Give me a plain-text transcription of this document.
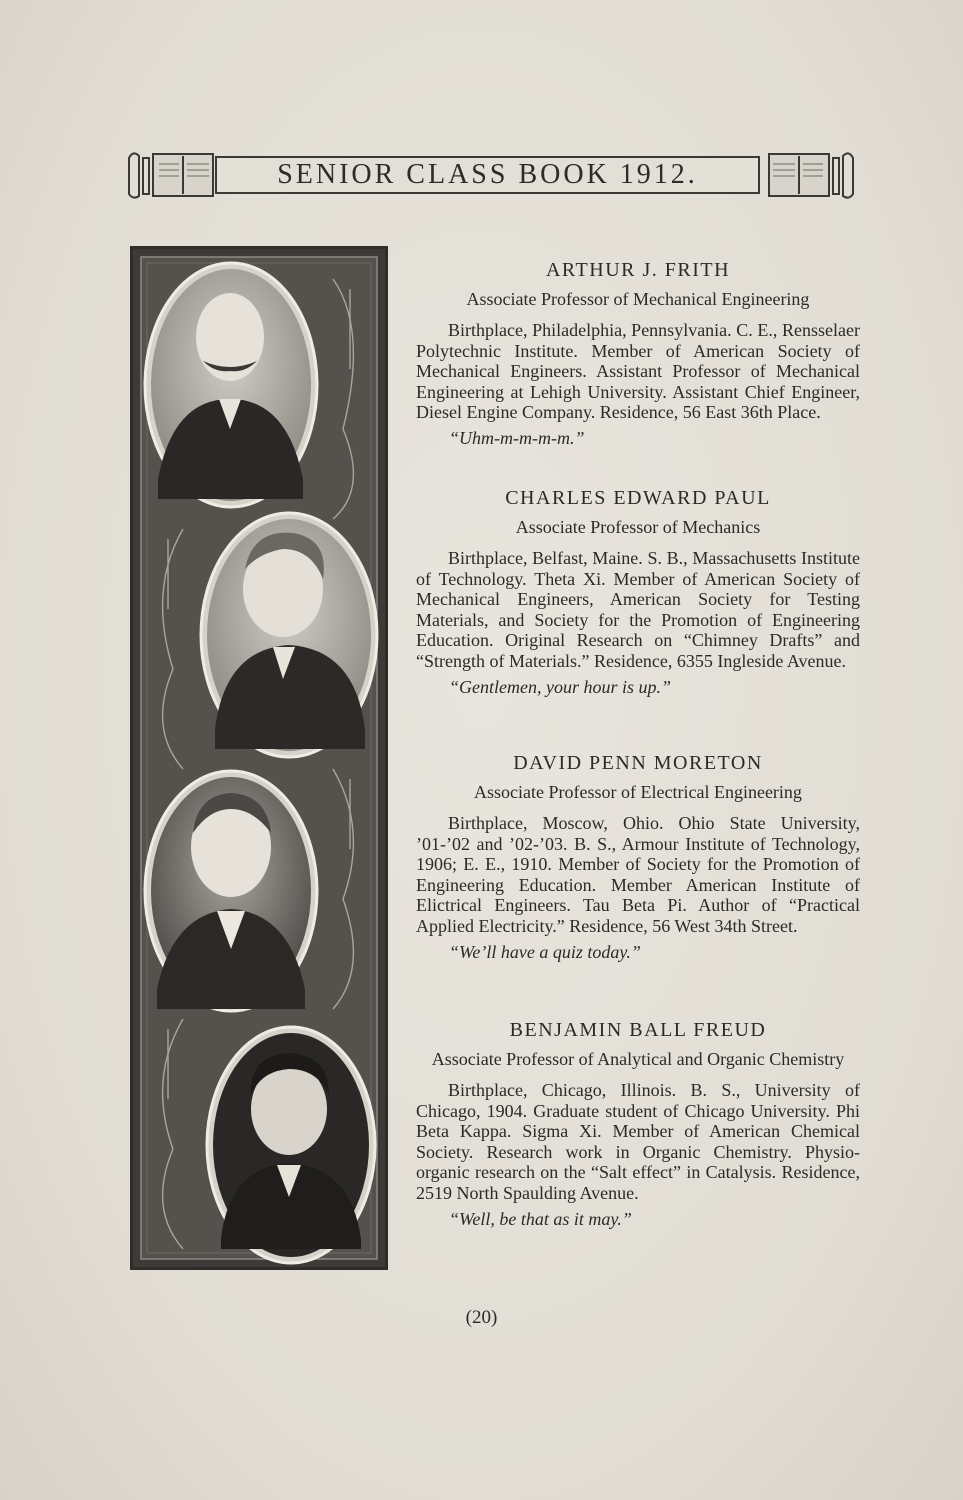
SENIOR CLASS BOOK 1912.
ARTHUR J. FRITH
Associate Professor of Mechanical Engineering
Birthplace, Philadelphia, Pennsylvania. C. E., Rensselaer Polytechnic Institute. Member of American Society of Mechanical Engineers. Assistant Professor of Mechanical Engineering at Lehigh University. Assistant Chief Engineer, Diesel Engine Company. Residence, 56 East 36th Place.
“Uhm-m-m-m-m.”
CHARLES EDWARD PAUL
Associate Professor of Mechanics
Birthplace, Belfast, Maine. S. B., Massachusetts Institute of Technology. Theta Xi. Member of American Society of Mechanical Engineers, American Society for Testing Materials, and Society for the Promotion of Engineering Education. Original Research on “Chimney Drafts” and “Strength of Materials.” Residence, 6355 Ingleside Avenue.
“Gentlemen, your hour is up.”
DAVID PENN MORETON
Associate Professor of Electrical Engineering
Birthplace, Moscow, Ohio. Ohio State University, ’01-’02 and ’02-’03. B. S., Armour Institute of Technology, 1906; E. E., 1910. Member of Society for the Promotion of Engineering Education. Member American Institute of Elictrical Engineers. Tau Beta Pi. Author of “Practical Applied Electricity.” Residence, 56 West 34th Street.
“We’ll have a quiz today.”
BENJAMIN BALL FREUD
Associate Professor of Analytical and Organic Chemistry
Birthplace, Chicago, Illinois. B. S., University of Chicago, 1904. Graduate student of Chicago University. Phi Beta Kappa. Sigma Xi. Member of American Chemical Society. Research work in Organic Chemistry. Physio-organic research on the “Salt effect” in Catalysis. Residence, 2519 North Spaulding Avenue.
“Well, be that as it may.”
(20)
